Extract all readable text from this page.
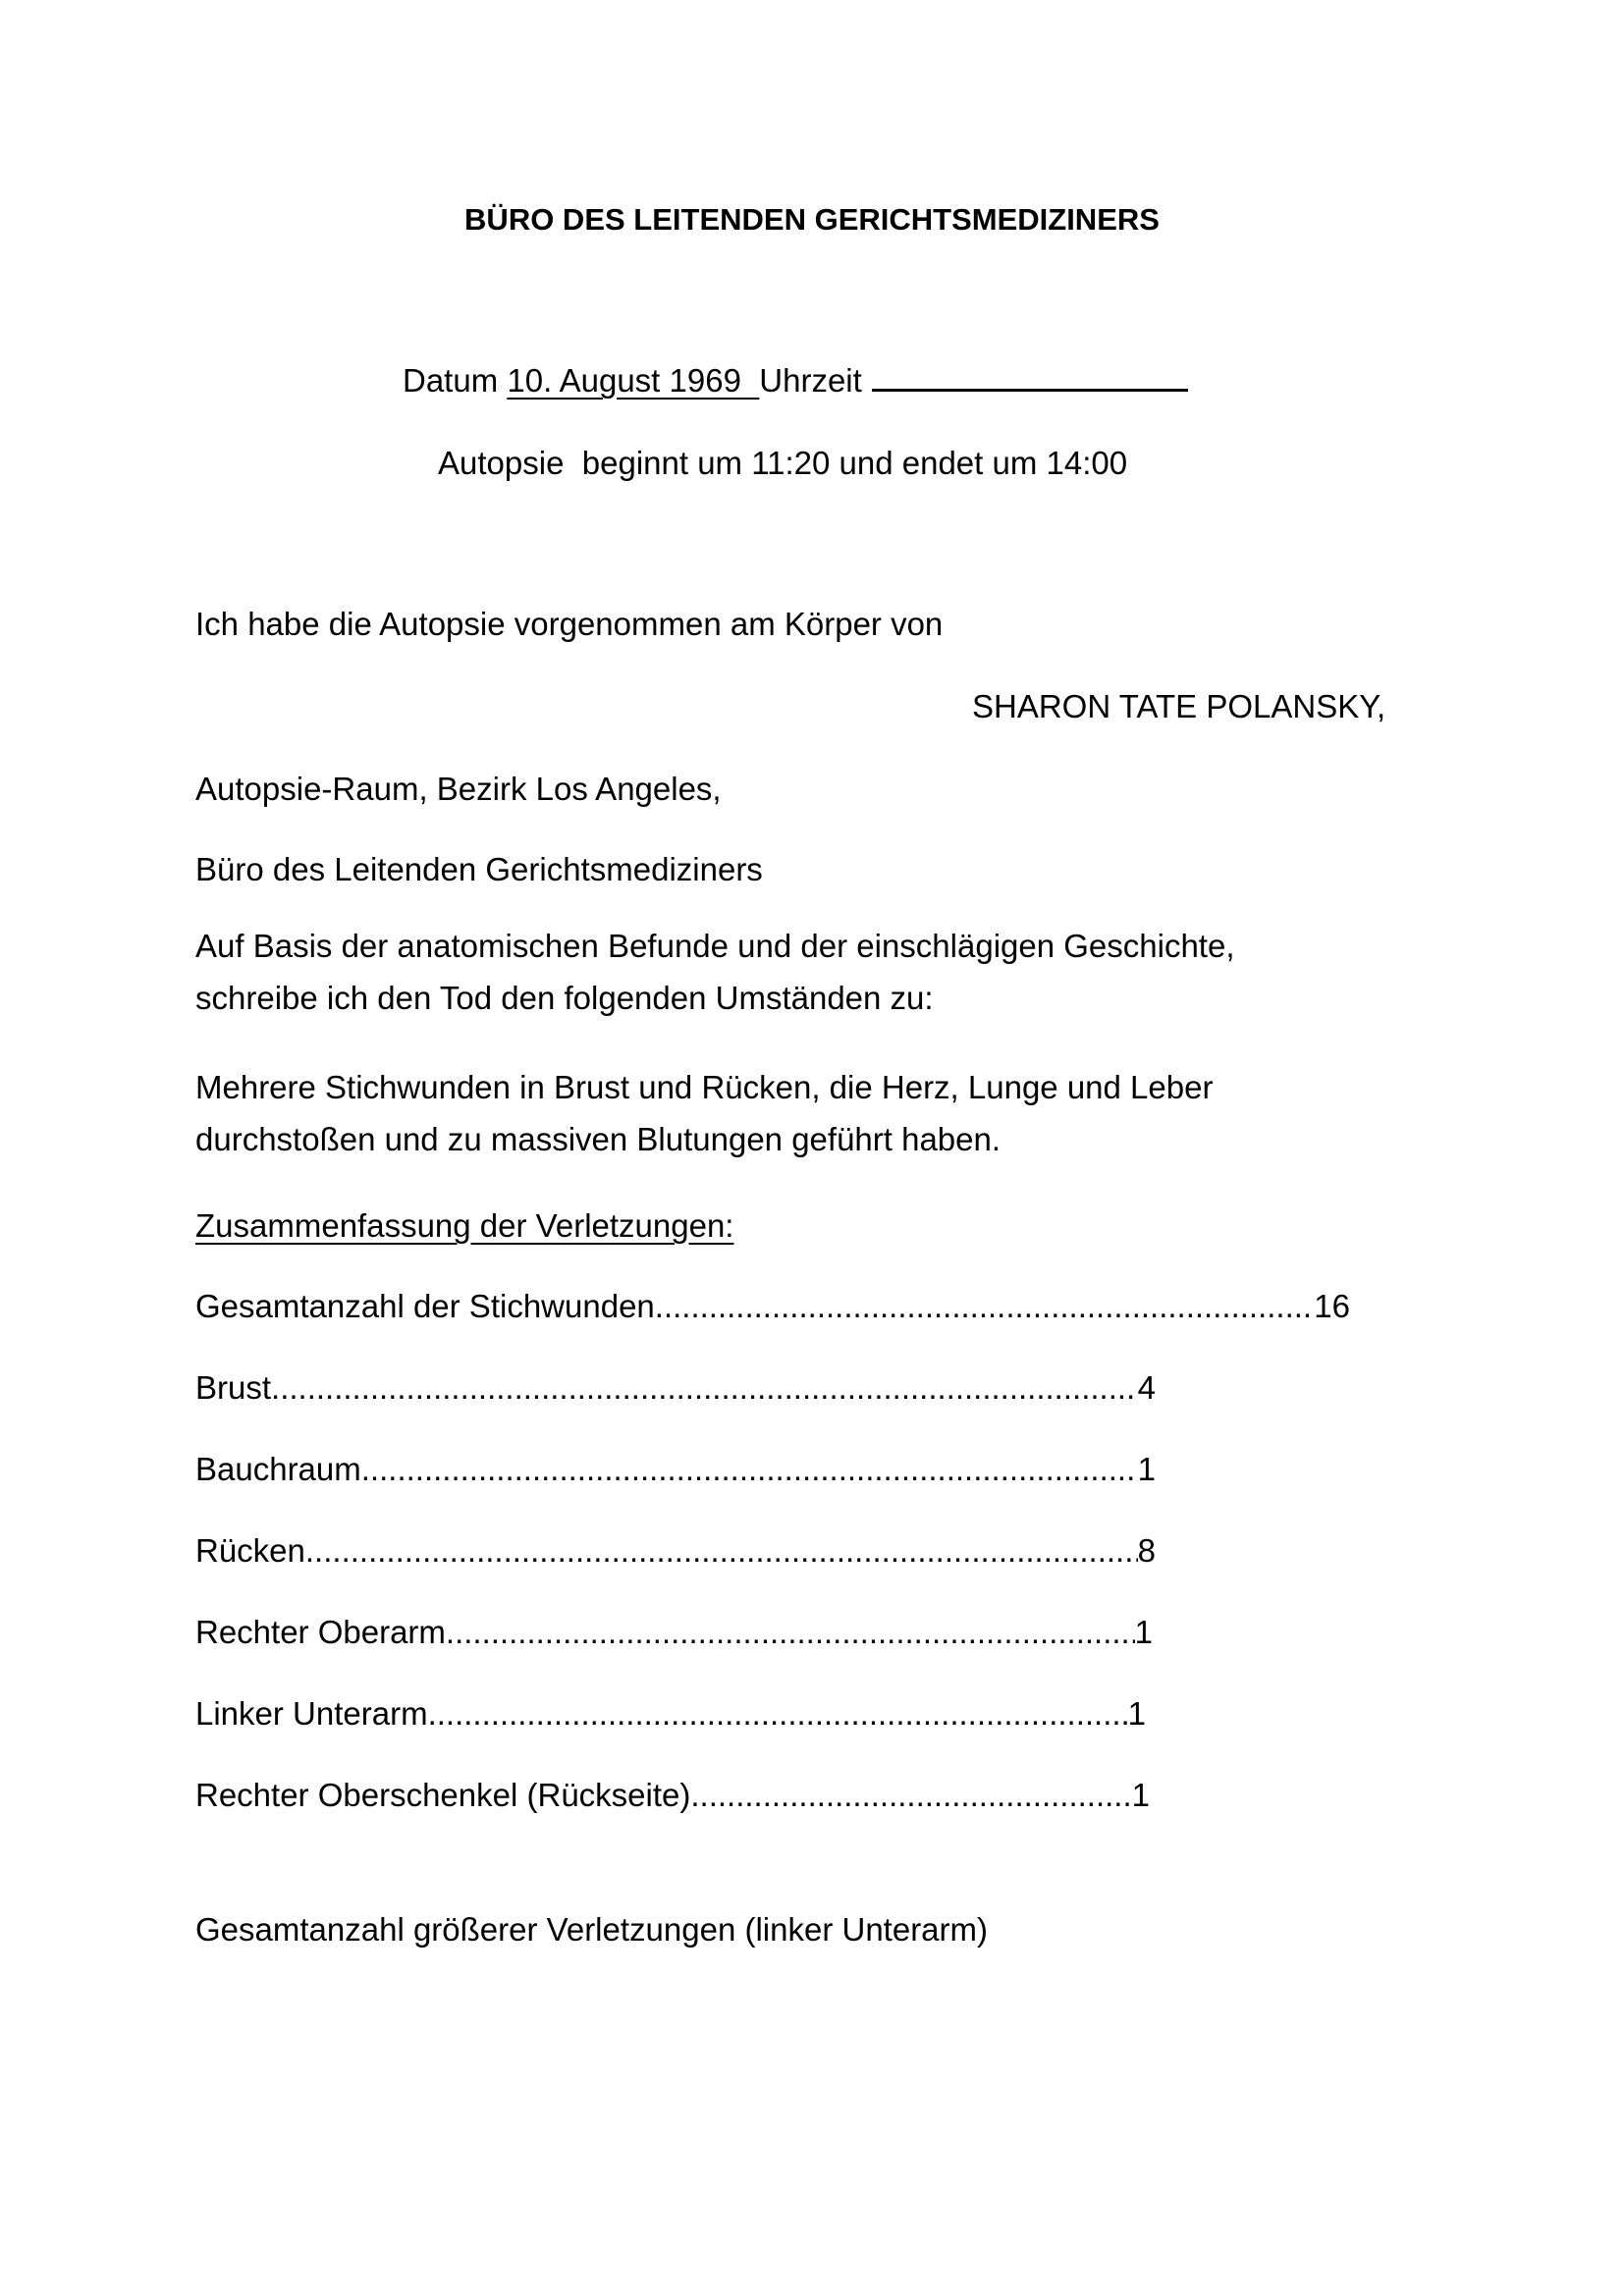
BÜRO DES LEITENDEN GERICHTSMEDIZINERS
Datum 10. August 1969 Uhrzeit
Autopsie  beginnt um 11:20 und endet um 14:00
Ich habe die Autopsie vorgenommen am Körper von
SHARON TATE POLANSKY,
Autopsie-Raum, Bezirk Los Angeles,
Büro des Leitenden Gerichtsmediziners
Auf Basis der anatomischen Befunde und der einschlägigen Geschichte, schreibe ich den Tod den folgenden Umständen zu:
Mehrere Stichwunden in Brust und Rücken, die Herz, Lunge und Leber durchstoßen und zu massiven Blutungen geführt haben.
Zusammenfassung der Verletzungen:
Gesamtanzahl der Stichwunden .....	16
Brust .....	4
Bauchraum .....	1
Rücken .....	8
Rechter Oberarm .....	1
Linker Unterarm .....	1
Rechter Oberschenkel (Rückseite) .....	1
Gesamtanzahl größerer Verletzungen (linker Unterarm)
